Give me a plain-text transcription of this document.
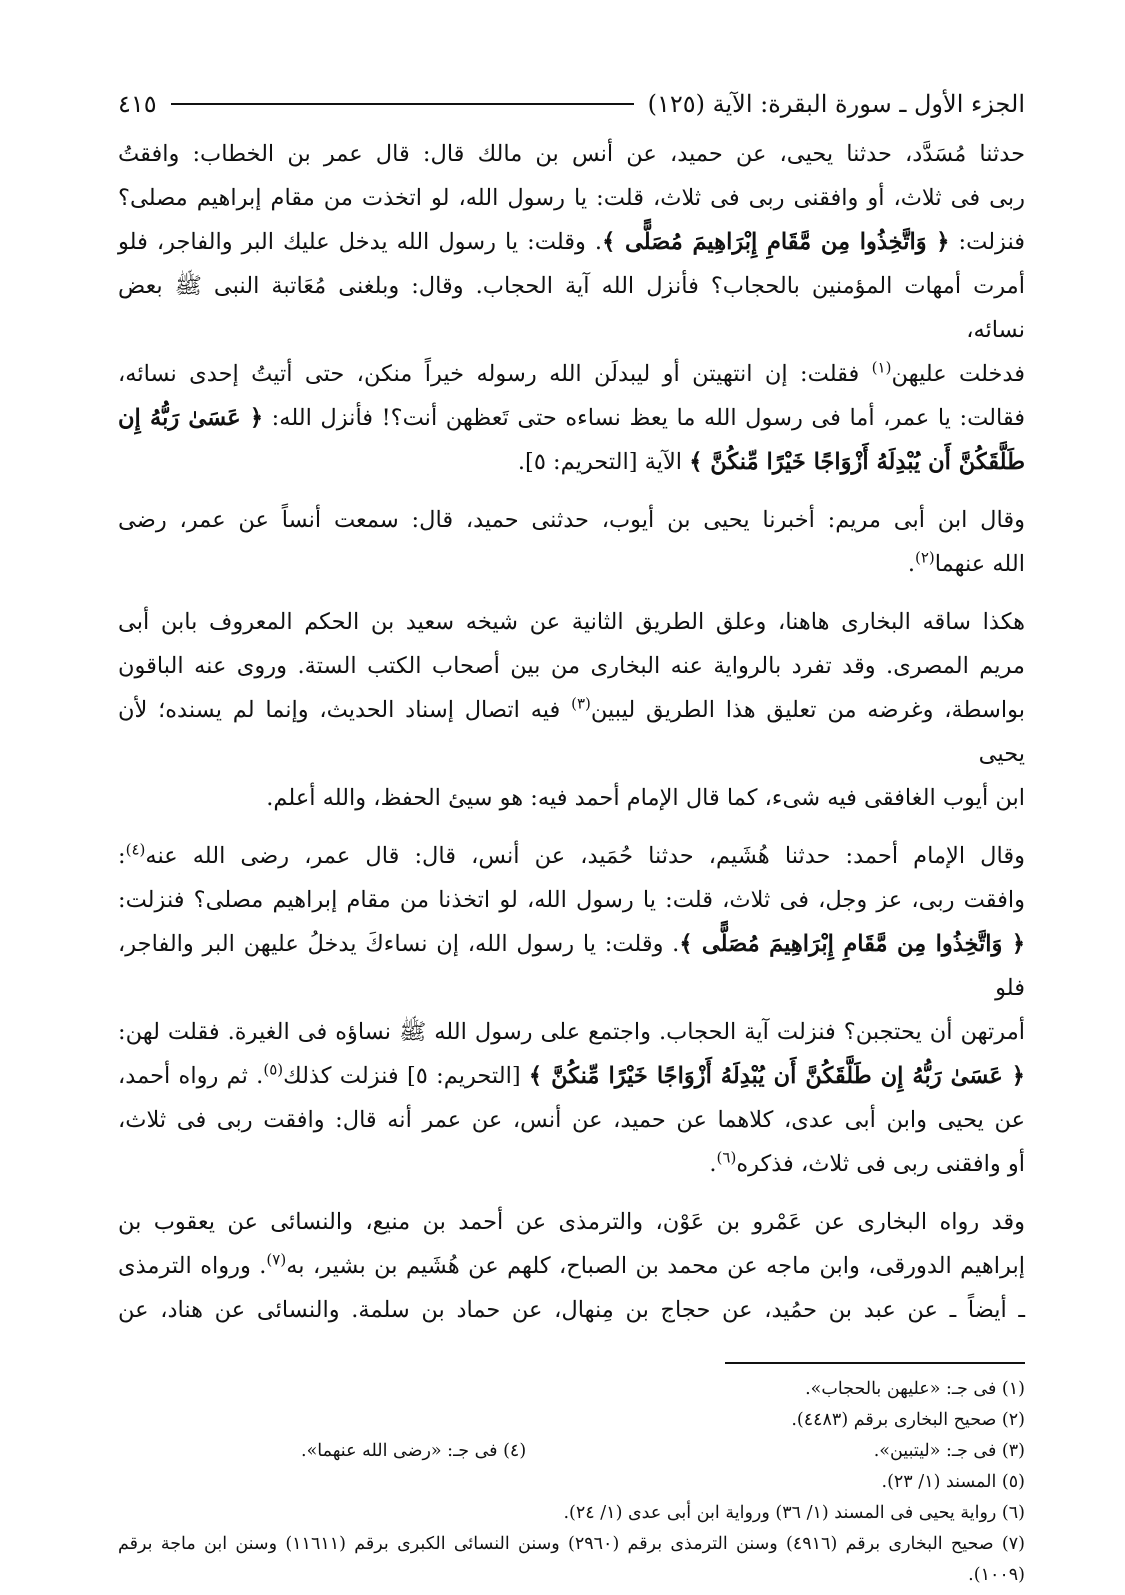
الجزء الأول ـ سورة البقرة: الآية (١٢٥)
٤١٥
حدثنا مُسَدَّد، حدثنا يحيى، عن حميد، عن أنس بن مالك قال: قال عمر بن الخطاب: وافقتُ
ربى فى ثلاث، أو وافقنى ربى فى ثلاث، قلت: يا رسول الله، لو اتخذت من مقام إبراهيم مصلى؟
فنزلت: ﴿ وَاتَّخِذُوا مِن مَّقَامِ إِبْرَاهِيمَ مُصَلًّى ﴾. وقلت: يا رسول الله يدخل عليك البر والفاجر، فلو
أمرت أمهات المؤمنين بالحجاب؟ فأنزل الله آية الحجاب. وقال: وبلغنى مُعَاتبة النبى ﷺ بعض نسائه،
فدخلت عليهن$^{(١)}$ فقلت: إن انتهيتن أو ليبدلَن الله رسوله خيراً منكن، حتى أتيتُ إحدى نسائه،
فقالت: يا عمر، أما فى رسول الله ما يعظ نساءه حتى تَعظهن أنت؟! فأنزل الله: ﴿ عَسَىٰ رَبُّهُ إِن
طَلَّقَكُنَّ أَن يُبْدِلَهُ أَزْوَاجًا خَيْرًا مِّنكُنَّ ﴾ الآية [التحريم: ٥].
وقال ابن أبى مريم: أخبرنا يحيى بن أيوب، حدثنى حميد، قال: سمعت أنساً عن عمر، رضى
الله عنهما$^{(٢)}$.
هكذا ساقه البخارى هاهنا، وعلق الطريق الثانية عن شيخه سعيد بن الحكم المعروف بابن أبى
مريم المصرى. وقد تفرد بالرواية عنه البخارى من بين أصحاب الكتب الستة. وروى عنه الباقون
بواسطة، وغرضه من تعليق هذا الطريق ليبين$^{(٣)}$ فيه اتصال إسناد الحديث، وإنما لم يسنده؛ لأن يحيى
ابن أيوب الغافقى فيه شىء، كما قال الإمام أحمد فيه: هو سيئ الحفظ، والله أعلم.
وقال الإمام أحمد: حدثنا هُشَيم، حدثنا حُمَيد، عن أنس، قال: قال عمر، رضى الله عنه$^{(٤)}$:
وافقت ربى، عز وجل، فى ثلاث، قلت: يا رسول الله، لو اتخذنا من مقام إبراهيم مصلى؟ فنزلت:
﴿ وَاتَّخِذُوا مِن مَّقَامِ إِبْرَاهِيمَ مُصَلًّى ﴾. وقلت: يا رسول الله، إن نساءكَ يدخلُ عليهن البر والفاجر، فلو
أمرتهن أن يحتجبن؟ فنزلت آية الحجاب. واجتمع على رسول الله ﷺ نساؤه فى الغيرة. فقلت لهن:
﴿ عَسَىٰ رَبُّهُ إِن طَلَّقَكُنَّ أَن يُبْدِلَهُ أَزْوَاجًا خَيْرًا مِّنكُنَّ ﴾ [التحريم: ٥] فنزلت كذلك$^{(٥)}$. ثم رواه أحمد،
عن يحيى وابن أبى عدى، كلاهما عن حميد، عن أنس، عن عمر أنه قال: وافقت ربى فى ثلاث،
أو وافقنى ربى فى ثلاث، فذكره$^{(٦)}$.
وقد رواه البخارى عن عَمْرو بن عَوْن، والترمذى عن أحمد بن منيع، والنسائى عن يعقوب بن
إبراهيم الدورقى، وابن ماجه عن محمد بن الصباح، كلهم عن هُشَيم بن بشير، به$^{(٧)}$. ورواه الترمذى
ـ أيضاً ـ عن عبد بن حمُيد، عن حجاج بن مِنهال، عن حماد بن سلمة. والنسائى عن هناد، عن
(١) فى جـ: «عليهن بالحجاب».
(٢) صحيح البخارى برقم (٤٤٨٣).
(٣) فى جـ: «ليتبين».
(٤) فى جـ: «رضى الله عنهما».
(٥) المسند (١/ ٢٣).
(٦) رواية يحيى فى المسند (١/ ٣٦) ورواية ابن أبى عدى (١/ ٢٤).
(٧) صحيح البخارى برقم (٤٩١٦) وسنن الترمذى برقم (٢٩٦٠) وسنن النسائى الكبرى برقم (١١٦١١) وسنن ابن ماجة برقم
(١٠٠٩).
